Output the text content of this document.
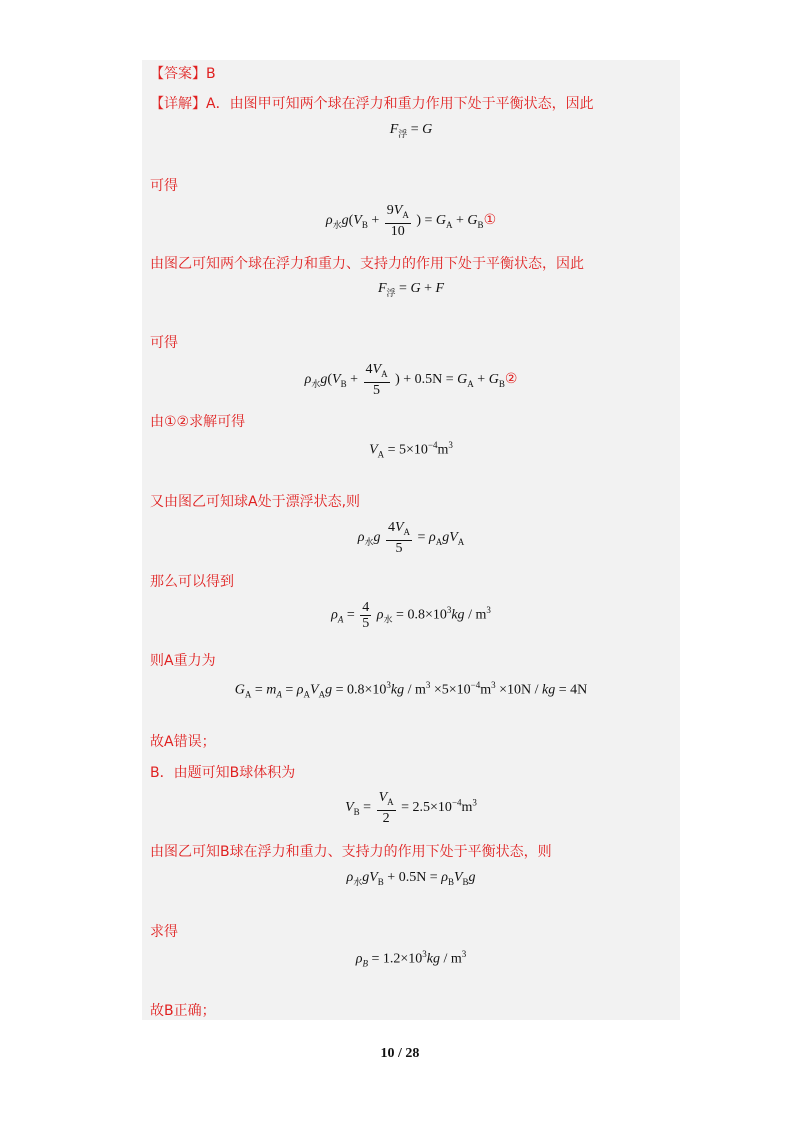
【答案】B
【详解】A．由图甲可知两个球在浮力和重力作用下处于平衡状态，因此
$F_浮 = G$
可得
$\rho_水g(V_B + \frac{9V_A}{10}$ ) = $G_A$ + $G_B①$
由图乙可知两个球在浮力和重力、支持力的作用下处于平衡状态，因此
$F_浮 = G + F$
可得
$\rho_水g(V_B + \frac{4V_A}{5}$ ) + $0.5N = G_A$ + $G_B②$
由①②求解可得
$V_A = 5\times 10^{-4}m^3$
又由图乙可知球A处于漂浮状态,则
$\rho_水g \frac{4V_A}{5} = \rho_AgV_A$
那么可以得到
$\rho_A = \frac{4}{5} \rho_水 = 0.8\times 10^3kg / m^3$
则A重力为
$G_A = m_A = \rho_AV_Ag = 0.8\times 10^3kg / m^3 \times 5\times 10^{-4}m^3 \times 10N$ / kg = 4N
故A错误；
B．由题可知B球体积为
$V_B = \frac{V_A}{2} = 2.5\times 10^{-4}m^3$
由图乙可知B球在浮力和重力、支持力的作用下处于平衡状态，则
$\rho_水gV_B + 0.5N = \rho_BV_Bg$
求得
$\rho_B = 1.2\times 10^3kg / m^3$
故B正确；
10 / 28
